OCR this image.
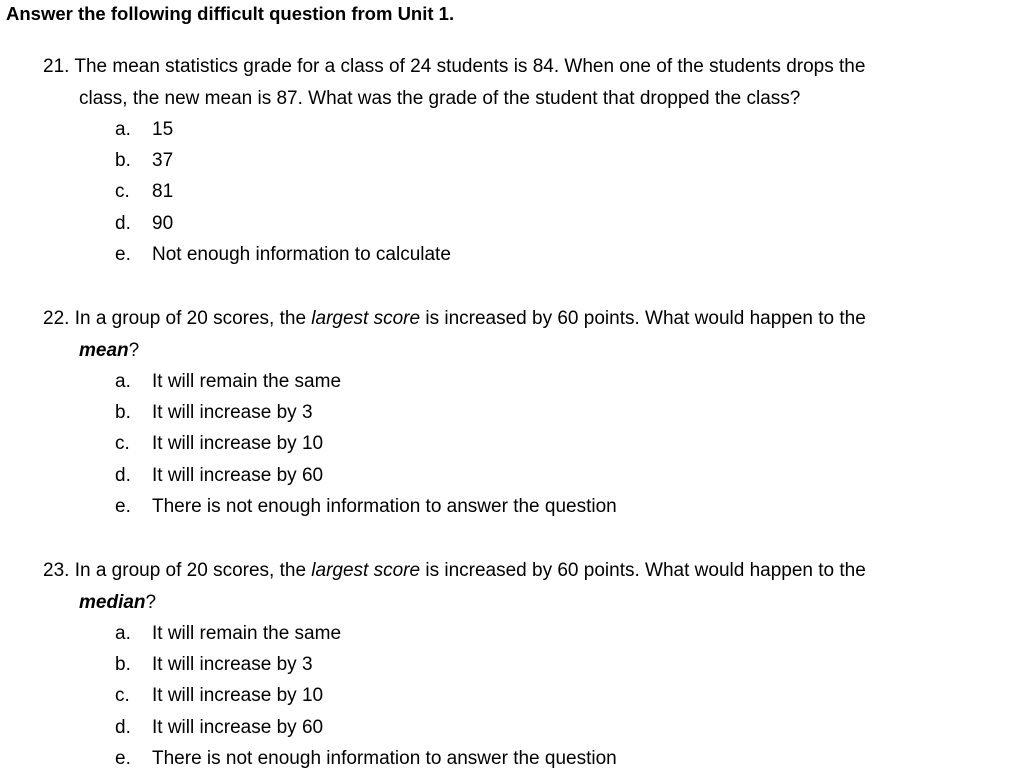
Answer the following difficult question from Unit 1.
21. The mean statistics grade for a class of 24 students is 84. When one of the students drops the
class, the new mean is 87. What was the grade of the student that dropped the class?
a. 15
b. 37
c. 81
d. 90
e. Not enough information to calculate
22. In a group of 20 scores, the largest score is increased by 60 points. What would happen to the
mean?
a. It will remain the same
b. It will increase by 3
c. It will increase by 10
d. It will increase by 60
e. There is not enough information to answer the question
23. In a group of 20 scores, the largest score is increased by 60 points. What would happen to the
median?
a. It will remain the same
b. It will increase by 3
c. It will increase by 10
d. It will increase by 60
e. There is not enough information to answer the question
